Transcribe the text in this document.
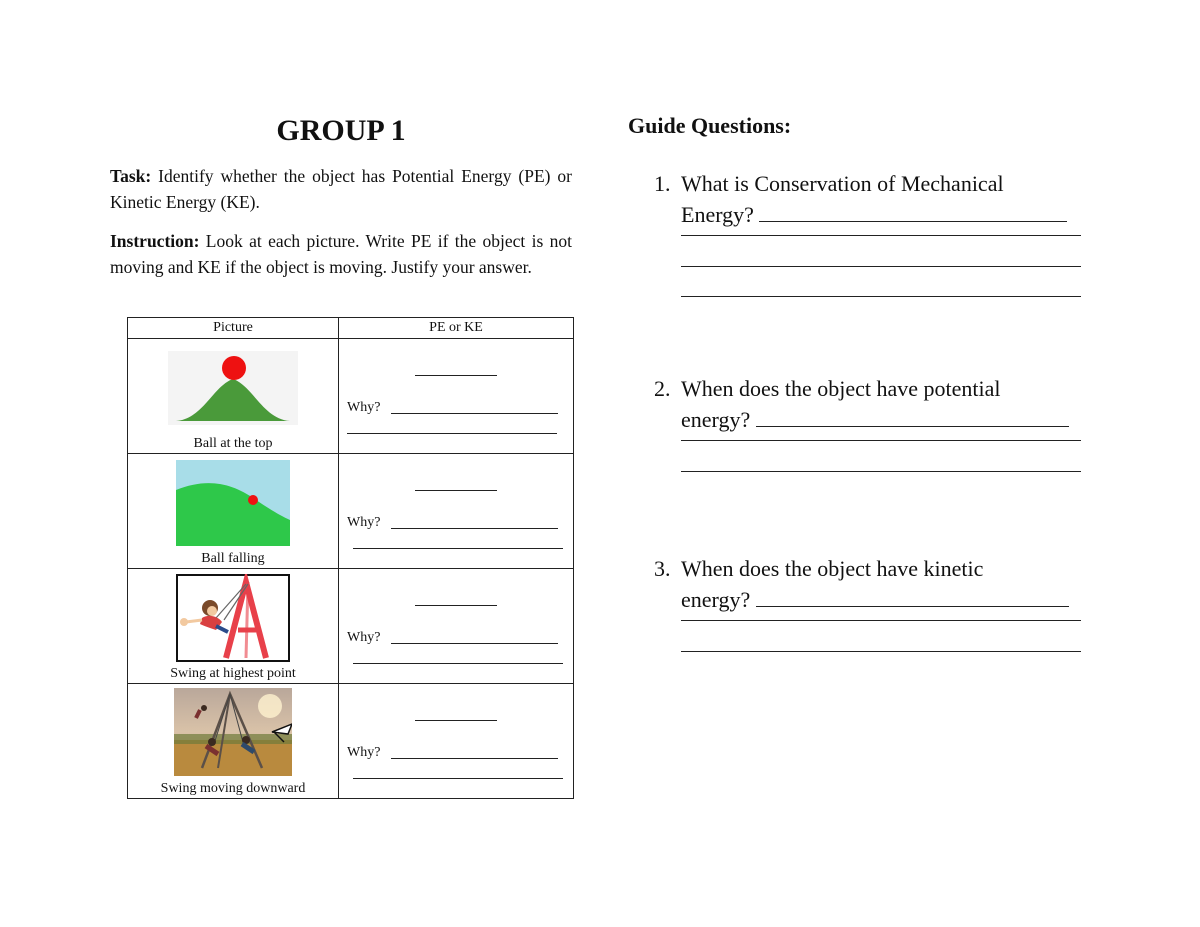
GROUP 1

Task: Identify whether the object has Potential Energy (PE) or Kinetic Energy (KE).

Instruction: Look at each picture. Write PE if the object is not moving and KE if the object is moving. Justify your answer.

Picture	PE or KE

Ball at the top	Why?

Ball falling	Why?

Swing at highest point	Why?

Swing moving downward	Why?
Guide Questions:
1. What is Conservation of Mechanical
Energy?
2. When does the object have potential
energy?
3. When does the object have kinetic
energy?
